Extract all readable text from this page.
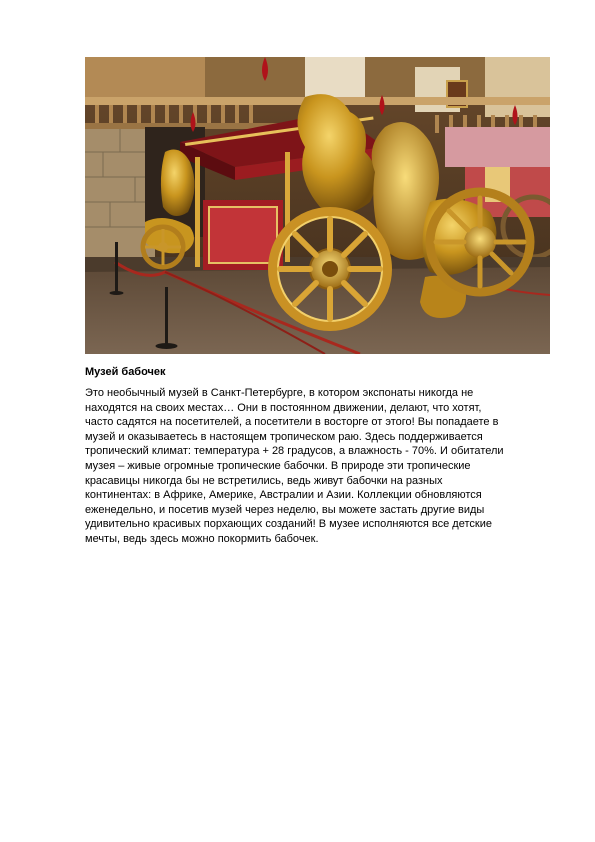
Музей бабочек
Это необычный музей в Санкт-Петербурге, в котором экспонаты никогда не
находятся на своих местах… Они в постоянном движении, делают, что хотят,
часто садятся на посетителей, а посетители в восторге от этого! Вы попадаете в
музей и оказываетесь в настоящем тропическом раю. Здесь поддерживается
тропический климат: температура + 28 градусов, а влажность - 70%. И обитатели
музея – живые огромные тропические бабочки. В природе эти тропические
красавицы никогда бы не встретились, ведь живут бабочки на разных
континентах: в Африке, Америке, Австралии и Азии. Коллекции обновляются
еженедельно, и посетив музей через неделю, вы можете застать другие виды
удивительно красивых порхающих созданий! В музее исполняются все детские
мечты, ведь здесь можно покормить бабочек.
